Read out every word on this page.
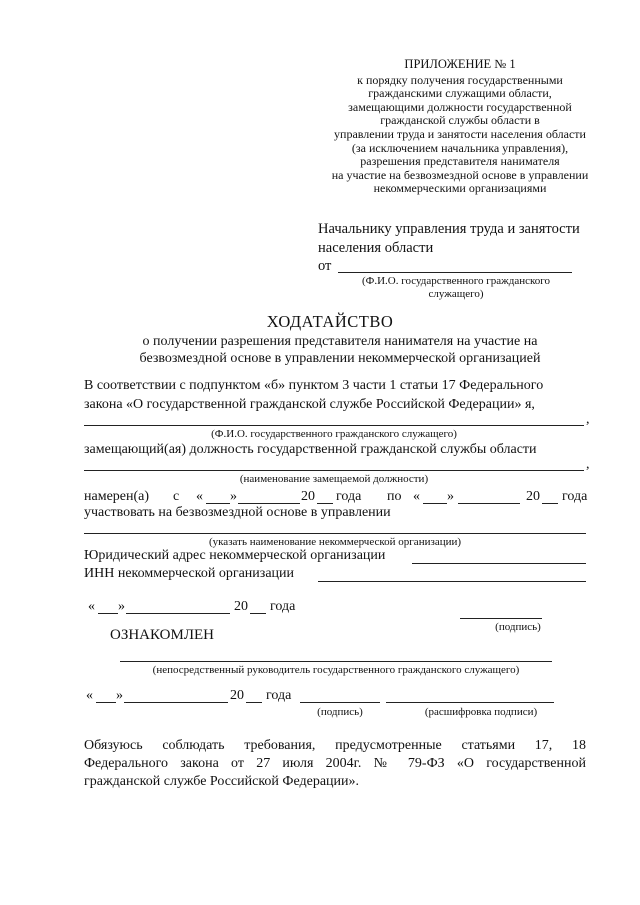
ПРИЛОЖЕНИЕ № 1
к порядку получения государственными
гражданскими служащими области,
замещающими должности государственной
гражданской службы области в
управлении труда и занятости населения области
(за исключением начальника управления),
разрешения представителя нанимателя
на участие на безвозмездной основе в управлении
некоммерческими организациями
Начальнику управления труда и занятости
населения области
от
(Ф.И.О. государственного гражданского
служащего)
ХОДАТАЙСТВО
о получении разрешения представителя нанимателя на участие на
безвозмездной основе в управлении некоммерческой организацией
В соответствии с подпунктом «б» пунктом 3 части 1 статьи 17 Федерального
закона «О государственной гражданской службе Российской Федерации» я,
,
(Ф.И.О. государственного гражданского служащего)
замещающий(ая) должность государственной гражданской службы области
,
(наименование замещаемой должности)
намерен(а) с « »	20 года по « »	20 года
участвовать на безвозмездной основе в управлении
(указать наименование некоммерческой организации)
Юридический адрес некоммерческой организации
ИНН некоммерческой организации
« »	20 года
(подпись)
ОЗНАКОМЛЕН
(непосредственный руководитель государственного гражданского служащего)
« »	20 года
(подпись)	(расшифровка подписи)
Обязуюсь соблюдать требования, предусмотренные статьями 17, 18
Федерального закона от 27 июля 2004г. № 79-ФЗ «О государственной
гражданской службе Российской Федерации».
